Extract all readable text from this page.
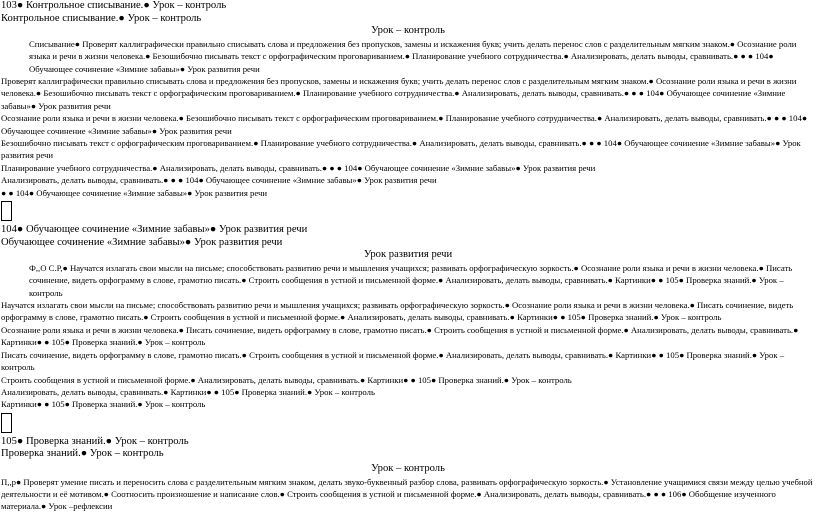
103● Контрольное списывание.● Урок – контроль
Контрольное списывание.● Урок – контроль
Урок – контроль
Списывание● Проверят каллиграфически правильно списывать слова и предложения без пропусков, замены и искажения букв; учить делать перенос слов с разделительным мягким знаком.● Осознание роли языка и речи в жизни человека.● Безошибочно писывать текст с орфографическим проговариванием.● Планирование учебного сотрудничества.● Анализировать, делать выводы, сравнивать.● ● ● 104● Обучающее сочинение «Зимние забавы»● Урок развития речи
Проверят каллиграфически правильно списывать слова и предложения без пропусков, замены и искажения букв; учить делать перенос слов с разделительным мягким знаком.● Осознание роли языка и речи в жизни человека.● Безошибочно писывать текст с орфографическим проговариванием.● Планирование учебного сотрудничества.● Анализировать, делать выводы, сравнивать.● ● ● 104● Обучающее сочинение «Зимние забавы»● Урок развития речи
Осознание роли языка и речи в жизни человека.● Безошибочно писывать текст с орфографическим проговариванием.● Планирование учебного сотрудничества.● Анализировать, делать выводы, сравнивать.● ● ● 104● Обучающее сочинение «Зимние забавы»● Урок развития речи
Безошибочно писывать текст с орфографическим проговариванием.● Планирование учебного сотрудничества.● Анализировать, делать выводы, сравнивать.● ● ● 104● Обучающее сочинение «Зимние забавы»● Урок развития речи
Планирование учебного сотрудничества.● Анализировать, делать выводы, сравнивать.● ● ● 104● Обучающее сочинение «Зимние забавы»● Урок развития речи
Анализировать, делать выводы, сравнивать.● ● ● 104● Обучающее сочинение «Зимние забавы»● Урок развития речи
● ● 104● Обучающее сочинение «Зимние забавы»● Урок развития речи
104● Обучающее сочинение «Зимние забавы»● Урок развития речи
Обучающее сочинение «Зимние забавы»● Урок развития речи
Урок развития речи
Ф,,О С.Р,● Научатся излагать свои мысли на письме; способствовать развитию речи и мышления учащихся; развивать орфографическую зоркость.● Осознание роли языка и речи в жизни человека.● Писать сочинение, видеть орфограмму в слове, грамотно писать.● Строить сообщения в устной и письменной форме.● Анализировать, делать выводы, сравнивать.● Картинки● ● 105● Проверка знаний.● Урок – контроль
Научатся излагать свои мысли на письме; способствовать развитию речи и мышления учащихся; развивать орфографическую зоркость.● Осознание роли языка и речи в жизни человека.● Писать сочинение, видеть орфограмму в слове, грамотно писать.● Строить сообщения в устной и письменной форме.● Анализировать, делать выводы, сравнивать.● Картинки● ● 105● Проверка знаний.● Урок – контроль
Осознание роли языка и речи в жизни человека.● Писать сочинение, видеть орфограмму в слове, грамотно писать.● Строить сообщения в устной и письменной форме.● Анализировать, делать выводы, сравнивать.● Картинки● ● 105● Проверка знаний.● Урок – контроль
Писать сочинение, видеть орфограмму в слове, грамотно писать.● Строить сообщения в устной и письменной форме.● Анализировать, делать выводы, сравнивать.● Картинки● ● 105● Проверка знаний.● Урок – контроль
Строить сообщения в устной и письменной форме.● Анализировать, делать выводы, сравнивать.● Картинки● ● 105● Проверка знаний.● Урок – контроль
Анализировать, делать выводы, сравнивать.● Картинки● ● 105● Проверка знаний.● Урок – контроль
Картинки● ● 105● Проверка знаний.● Урок – контроль
105● Проверка знаний.● Урок – контроль
Проверка знаний.● Урок – контроль
Урок – контроль
П,,р● Проверят умение писать и переносить слова с разделительным мягким знаком, делать звуко-буквенный разбор слова, развивать орфографическую зоркость.● Установление учащимися связи между целью учебной деятельности и её мотивом.● Соотносить произношение и написание слов.● Строить сообщения в устной и письменной форме.● Анализировать, делать выводы, сравнивать.● ● ● 106● Обобщение изученного материала.● Урок –рефлексии
